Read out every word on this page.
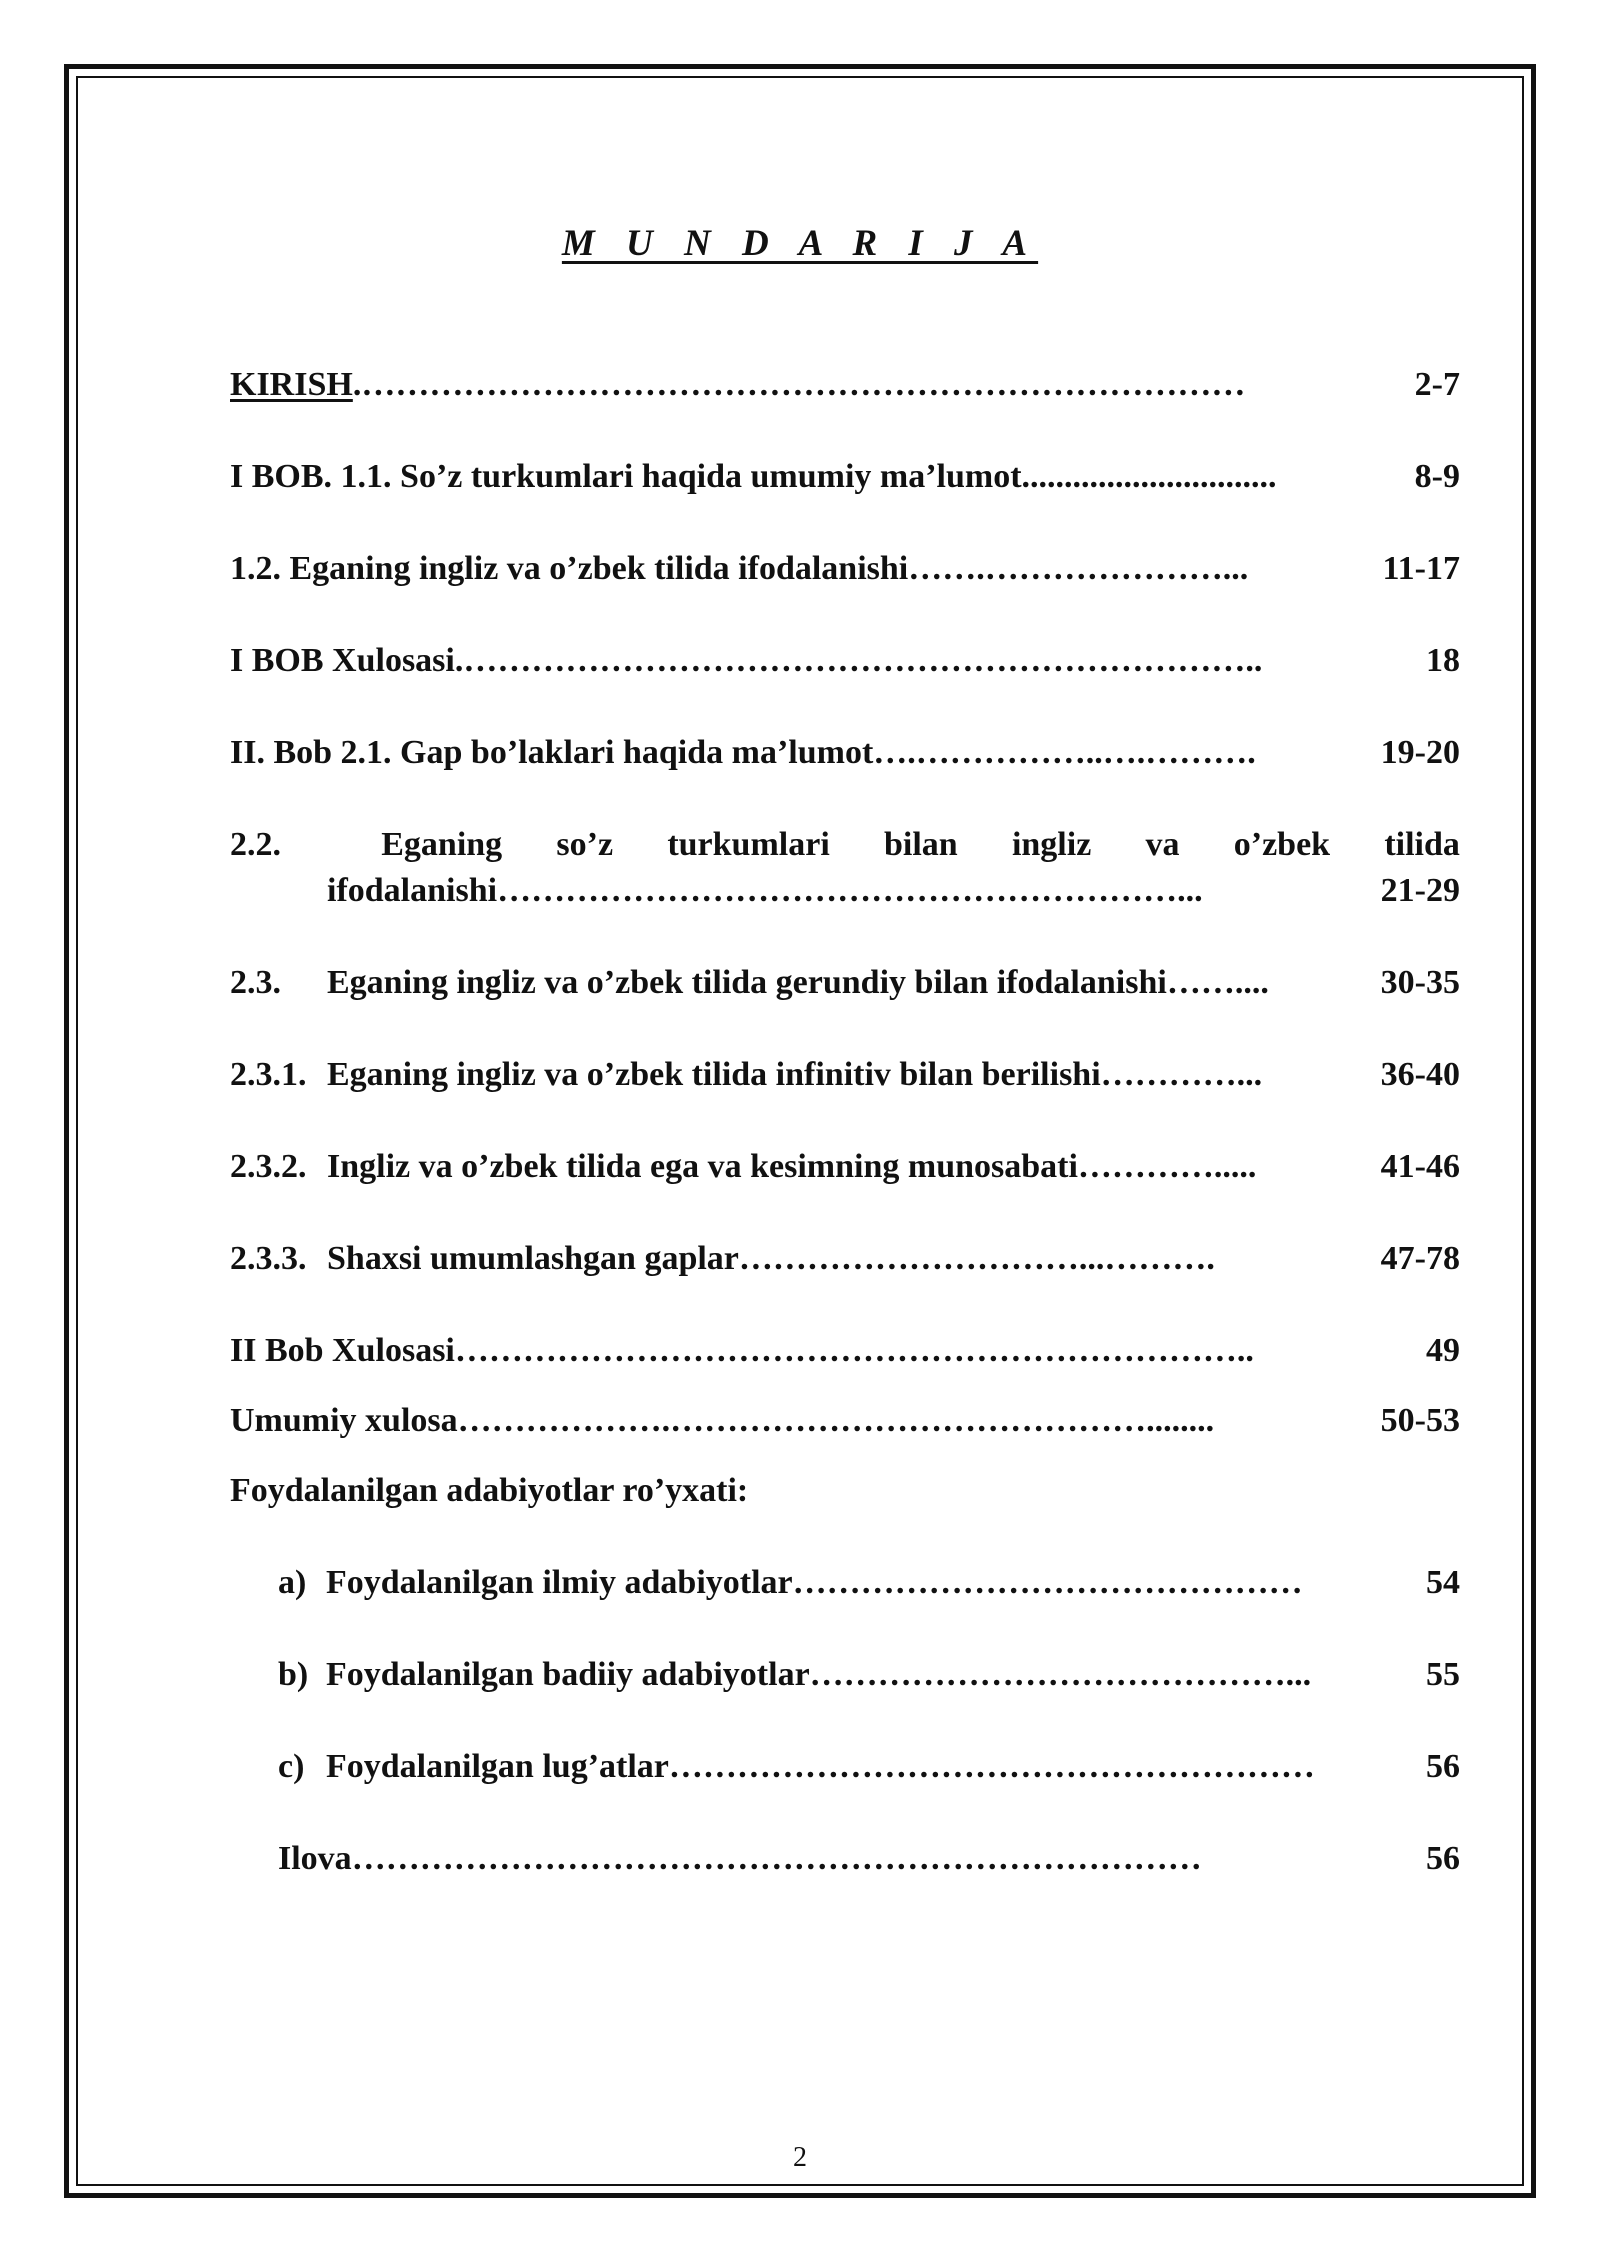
M U N D A R I J A
KIRISH . ……………………………………………………………………	2-7
I BOB. 1.1. So’z turkumlari haqida umumiy ma’lumot ..............................	8-9
1.2. Eganing ingliz va o’zbek tilida ifodalanishi …….…………………...	11-17
I BOB Xulosasi. ……………………………………………………………..	18
II. Bob 2.1. Gap bo’laklari haqida ma’lumot ….……………..….……….	19-20
2.2.	Eganing so’z turkumlari bilan ingliz va o’zbek tilida
ifodalanishi ……………………………………………………...	21-29
2.3.	Eganing ingliz va o’zbek tilida gerundiy bilan ifodalanishi ……....	30-35
2.3.1. Eganing ingliz va o’zbek tilida infinitiv bilan berilishi …………...	36-40
2.3.2. Ingliz va o’zbek tilida ega va kesimning munosabati ………….....	41-46
2.3.3. Shaxsi umumlashgan gaplar …………………………...……….	47-78
II Bob Xulosasi ……………………………………………………………..	49
Umumiy xulosa ……………….……………………………………........	50-53
Foydalanilgan adabiyotlar ro’yxati:
a) Foydalanilgan ilmiy adabiyotlar ………………………………………	54
b) Foydalanilgan badiiy adabiyotlar ……………………………………...	55
c) Foydalanilgan lug’atlar …………………………………………………	56
Ilova …………………………………………………………………	56
2
